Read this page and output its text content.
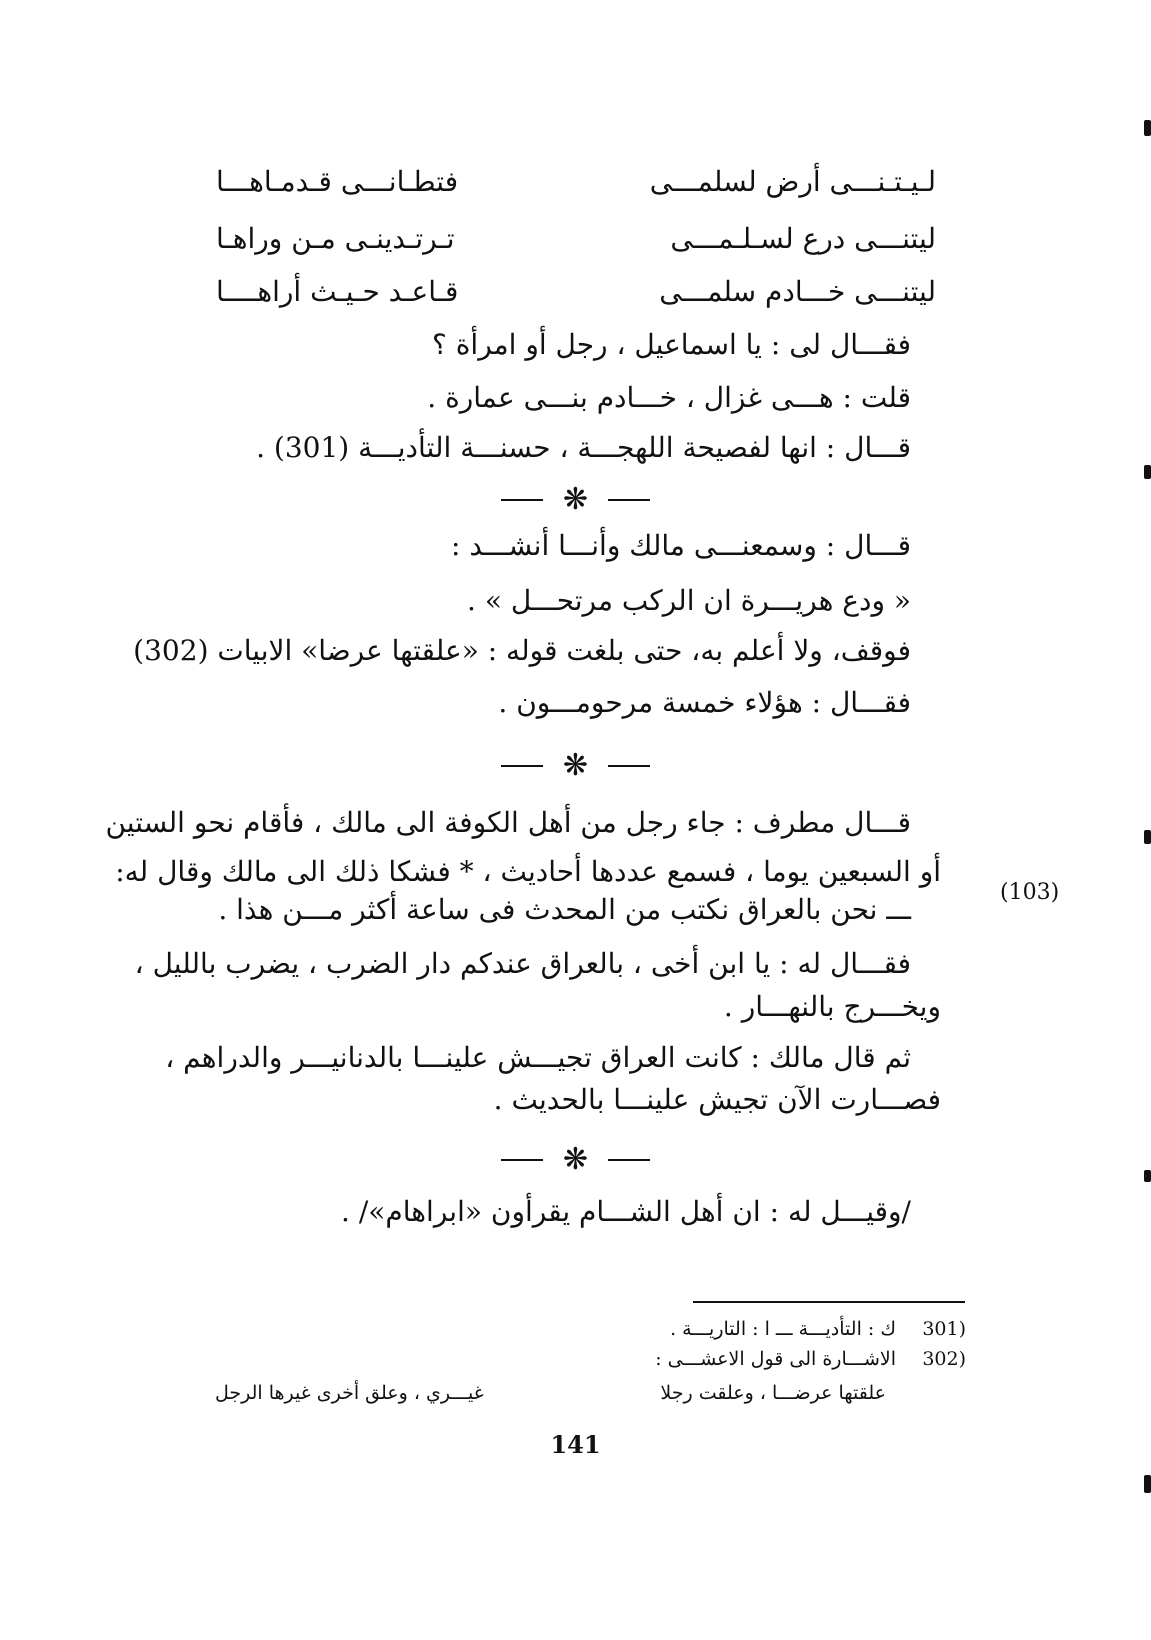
لـيـتـنـــى أرض لسلمـــى
فتطـانـــى قـدمـاهـــا
ليتنـــى درع لسـلـمـــى
تـرتـدينـى مـن وراهـا
ليتنـــى خـــادم سلمـــى
قـاعـد حـيـث أراهــــا
فقـــال لى : يا اسماعيل ، رجل أو امرأة ؟
قلت : هـــى غزال ، خـــادم بنـــى عمارة .
قـــال : انها لفصيحة اللهجـــة ، حسنـــة التأديـــة (301) .
❋
قـــال : وسمعنـــى مالك وأنـــا أنشـــد :
« ودع هريـــرة ان الركب مرتحـــل » .
فوقف، ولا أعلم به، حتى بلغت قوله : «علقتها عرضا» الابيات (302)
فقـــال : هؤلاء خمسة مرحومـــون .
❋
قـــال مطرف : جاء رجل من أهل الكوفة الى مالك ، فأقام نحو الستين
أو السبعين يوما ، فسمع عددها أحاديث ، * فشكا ذلك الى مالك وقال له:
(103)
ـــ نحن بالعراق نكتب من المحدث فى ساعة أكثر مـــن هذا .
فقـــال له : يا ابن أخى ، بالعراق عندكم دار الضرب ، يضرب بالليل ،
ويخـــرج بالنهـــار .
ثم قال مالك : كانت العراق تجيـــش علينـــا بالدنانيـــر والدراهم ،
فصـــارت الآن تجيش علينـــا بالحديث .
❋
/وقيـــل له : ان أهل الشـــام يقرأون «ابراهام»/ .
301)
ك : التأديـــة ـــ ا : التاريـــة .
302)
الاشـــارة الى قول الاعشـــى :
علقتها عرضـــا ، وعلقت رجلا
غيـــري ، وعلق أخرى غيرها الرجل
141
